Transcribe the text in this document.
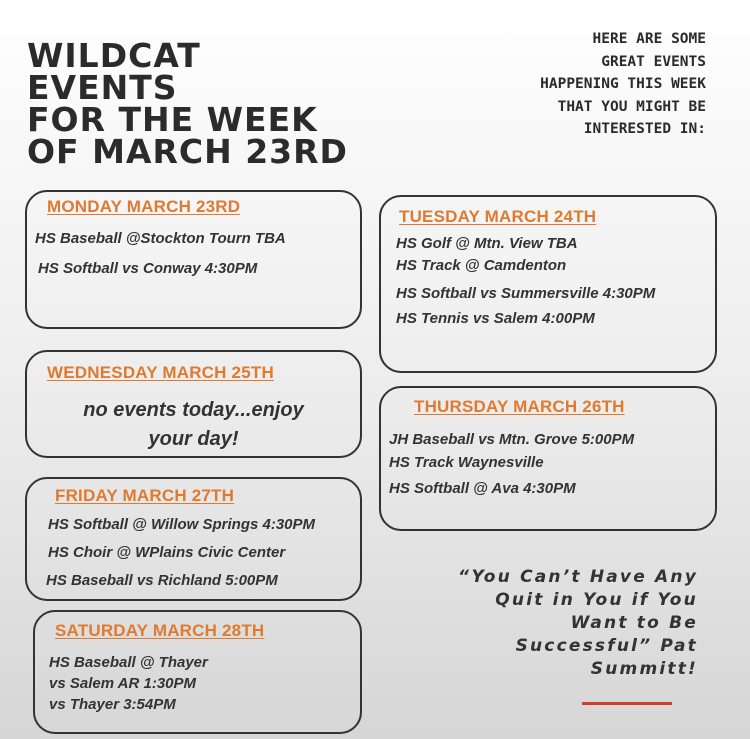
WILDCAT
EVENTS
FOR THE WEEK
OF MARCH 23RD
HERE ARE SOME
GREAT EVENTS
HAPPENING THIS WEEK
THAT YOU MIGHT BE
INTERESTED IN:
MONDAY MARCH 23RD
HS Baseball @Stockton Tourn TBA
HS Softball vs Conway 4:30PM
TUESDAY MARCH 24TH
HS Golf @ Mtn. View TBA
HS Track @ Camdenton
HS Softball vs Summersville 4:30PM
HS Tennis vs Salem 4:00PM
WEDNESDAY MARCH 25TH
no events today...enjoy
your day!
THURSDAY MARCH 26TH
JH Baseball vs Mtn. Grove 5:00PM
HS Track Waynesville
HS Softball @ Ava 4:30PM
FRIDAY MARCH 27TH
HS Softball @ Willow Springs 4:30PM
HS Choir @ WPlains Civic Center
HS Baseball vs Richland 5:00PM
SATURDAY MARCH 28TH
HS Baseball @ Thayer
vs Salem AR 1:30PM
vs Thayer 3:54PM
“You Can’t Have Any
Quit in You if You
Want to Be
Successful” Pat
Summitt!
